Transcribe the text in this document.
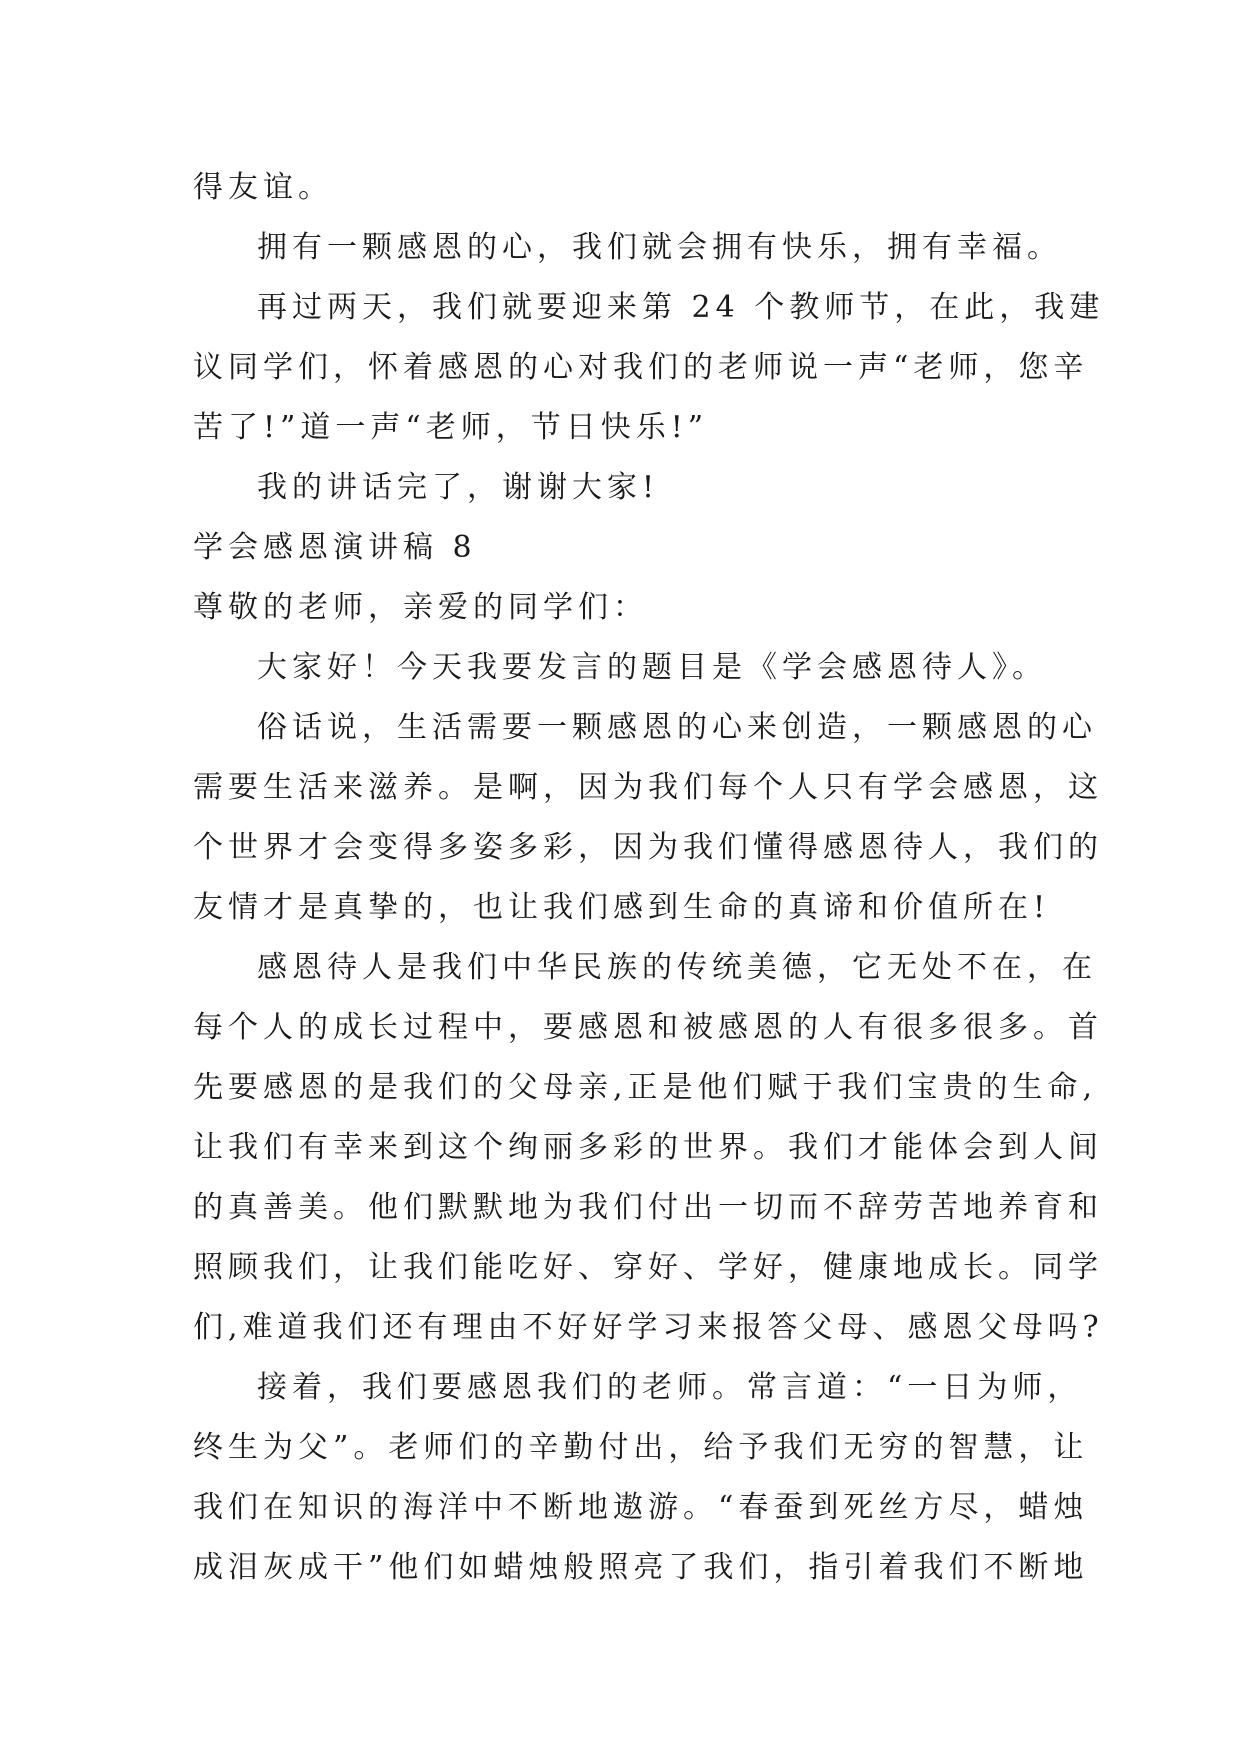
得友谊。
拥有一颗感恩的心，我们就会拥有快乐，拥有幸福。
再过两天，我们就要迎来第 24 个教师节，在此，我建
议同学们，怀着感恩的心对我们的老师说一声“老师，您辛
苦了!”道一声“老师，节日快乐!”
我的讲话完了，谢谢大家!
学会感恩演讲稿 8
尊敬的老师，亲爱的同学们：
大家好！今天我要发言的题目是《学会感恩待人》。
俗话说，生活需要一颗感恩的心来创造，一颗感恩的心
需要生活来滋养。是啊，因为我们每个人只有学会感恩，这
个世界才会变得多姿多彩，因为我们懂得感恩待人，我们的
友情才是真挚的，也让我们感到生命的真谛和价值所在!
感恩待人是我们中华民族的传统美德，它无处不在，在
每个人的成长过程中，要感恩和被感恩的人有很多很多。首
先要感恩的是我们的父母亲,正是他们赋于我们宝贵的生命,
让我们有幸来到这个绚丽多彩的世界。我们才能体会到人间
的真善美。他们默默地为我们付出一切而不辞劳苦地养育和
照顾我们，让我们能吃好、穿好、学好，健康地成长。同学
们,难道我们还有理由不好好学习来报答父母、感恩父母吗?
接着，我们要感恩我们的老师。常言道：“一日为师，
终生为父”。老师们的辛勤付出，给予我们无穷的智慧，让
我们在知识的海洋中不断地遨游。“春蚕到死丝方尽，蜡烛
成泪灰成干”他们如蜡烛般照亮了我们，指引着我们不断地
